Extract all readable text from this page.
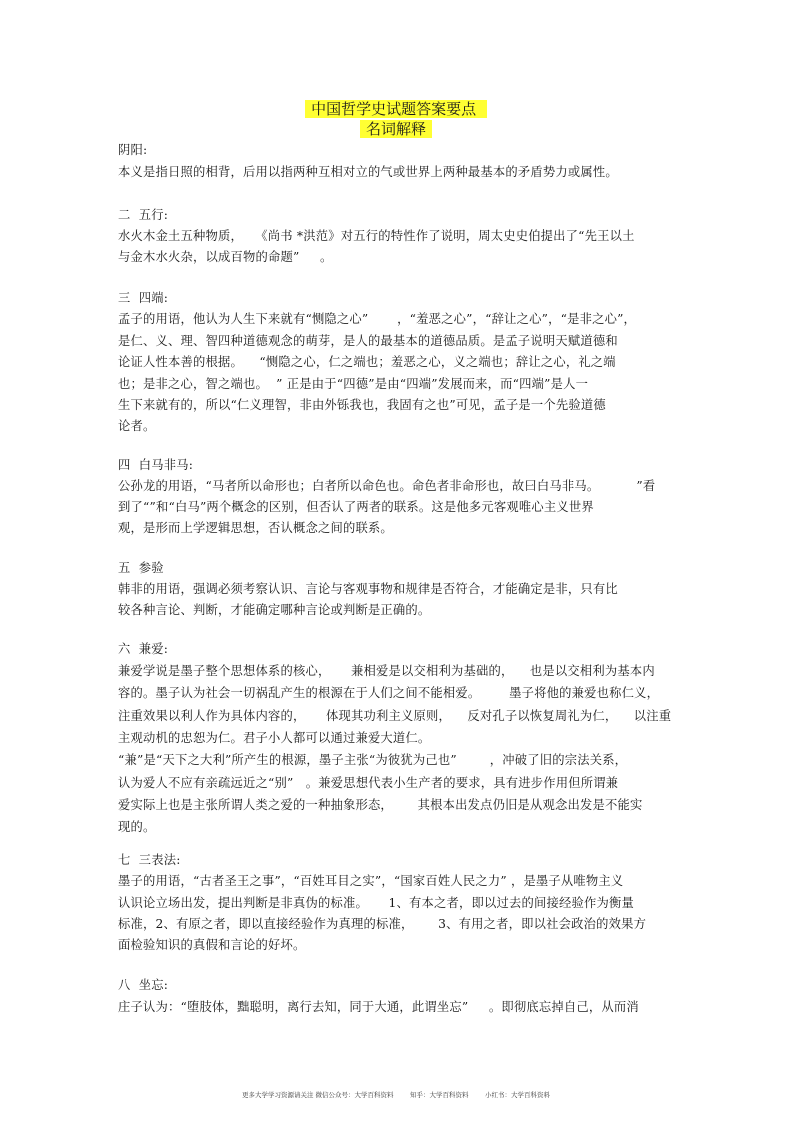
中国哲学史试题答案要点
名词解释
阴阳:
本义是指日照的相背，后用以指两种互相对立的气或世界上两种最基本的矛盾势力或属性。
二  五行:
水火木金土五种物质，   《尚书 *洪范》对五行的特性作了说明，周太史史伯提出了“先王以土
与金木水火杂，以成百物的命题”     。
三  四端:
孟子的用语，他认为人生下来就有“恻隐之心”       ，“羞恶之心”，“辞让之心”，“是非之心”，
是仁、义、理、智四种道德观念的萌芽，是人的最基本的道德品质。是孟子说明天赋道德和
论证人性本善的根据。    “恻隐之心，仁之端也；羞恶之心，义之端也；辞让之心，礼之端
也；是非之心，智之端也。  ” 正是由于“四德”是由“四端”发展而来，而“四端”是人一
生下来就有的，所以“仁义理智，非由外铄我也，我固有之也”可见，孟子是一个先验道德
论者。
四  白马非马:
公孙龙的用语，“马者所以命形也；白者所以命色也。命色者非命形也，故曰白马非马。         ”看
到了“”和“白马”两个概念的区别，但否认了两者的联系。这是他多元客观唯心主义世界
观，是形而上学逻辑思想，否认概念之间的联系。
五  参验
韩非的用语，强调必须考察认识、言论与客观事物和规律是否符合，才能确定是非，只有比
较各种言论、判断，才能确定哪种言论或判断是正确的。
六  兼爱:
兼爱学说是墨子整个思想体系的核心，     兼相爱是以交相利为基础的，    也是以交相利为基本内
容的。墨子认为社会一切祸乱产生的根源在于人们之间不能相爱。       墨子将他的兼爱也称仁义，
注重效果以利人作为具体内容的，     体现其功利主义原则，    反对孔子以恢复周礼为仁，    以注重
主观动机的忠恕为仁。君子小人都可以通过兼爱大道仁。
“兼”是“天下之大利”所产生的根源，墨子主张“为彼犹为己也”        ，冲破了旧的宗法关系，
认为爱人不应有亲疏远近之“别”   。兼爱思想代表小生产者的要求，具有进步作用但所谓兼
爱实际上也是主张所谓人类之爱的一种抽象形态，      其根本出发点仍旧是从观念出发是不能实
现的。
七  三表法:
墨子的用语，“古者圣王之事”，“百姓耳目之实”，“国家百姓人民之力” ，是墨子从唯物主义
认识论立场出发，提出判断是非真伪的标准。     1、有本之者，即以过去的间接经验作为衡量
标准，2、有原之者，即以直接经验作为真理的标准，      3、有用之者，即以社会政治的效果方
面检验知识的真假和言论的好坏。
八  坐忘:
庄子认为：“堕肢体，黜聪明，离行去知，同于大通，此谓坐忘”     。即彻底忘掉自己，从而消
更多大学学习资源请关注 微信公众号：大学百科资料        知乎：大学百科资料        小红书：大学百科资料
